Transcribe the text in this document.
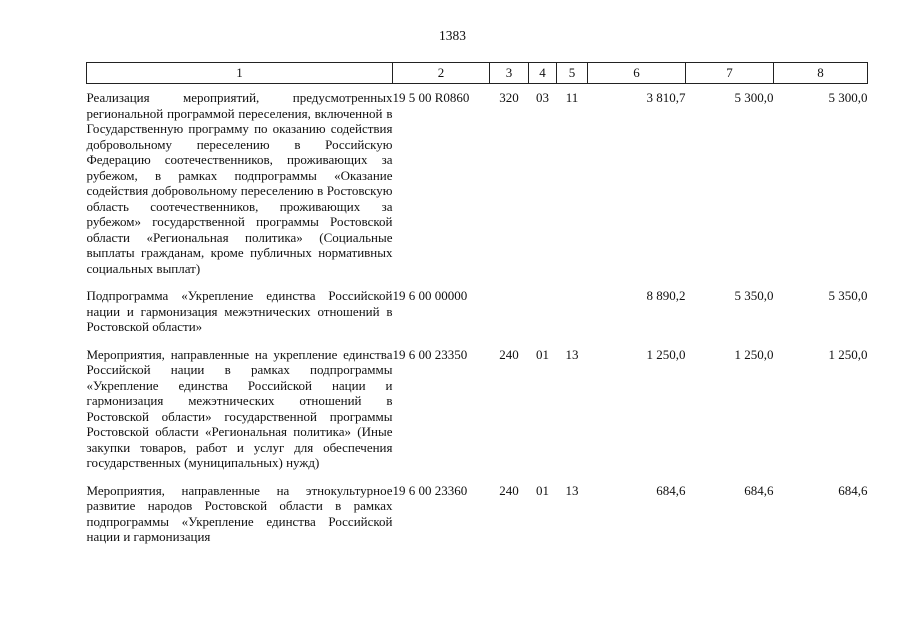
1383
1	2	3	4	5	6	7	8
Реализация мероприятий, предусмотренных региональной программой переселения, включенной в Государственную программу по оказанию содействия добровольному переселению в Российскую Федерацию соотечественников, проживающих за рубежом, в рамках подпрограммы «Оказание содействия добровольному переселению в Ростовскую область соотечественников, проживающих за рубежом» государственной программы Ростовской области «Региональная политика» (Социальные выплаты гражданам, кроме публичных нормативных социальных выплат)	19 5 00 R0860	320	03	11	3 810,7	5 300,0	5 300,0
Подпрограмма «Укрепление единства Российской нации и гармонизация межэтнических отношений в Ростовской области»	19 6 00 00000				8 890,2	5 350,0	5 350,0
Мероприятия, направленные на укрепление единства Российской нации в рамках подпрограммы «Укрепление единства Российской нации и гармонизация межэтнических отношений в Ростовской области» государственной программы Ростовской области «Региональная политика» (Иные закупки товаров, работ и услуг для обеспечения государственных (муниципальных) нужд)	19 6 00 23350	240	01	13	1 250,0	1 250,0	1 250,0
Мероприятия, направленные на этнокультурное развитие народов Ростовской области в рамках подпрограммы «Укрепление единства Российской нации и гармонизация	19 6 00 23360	240	01	13	684,6	684,6	684,6
